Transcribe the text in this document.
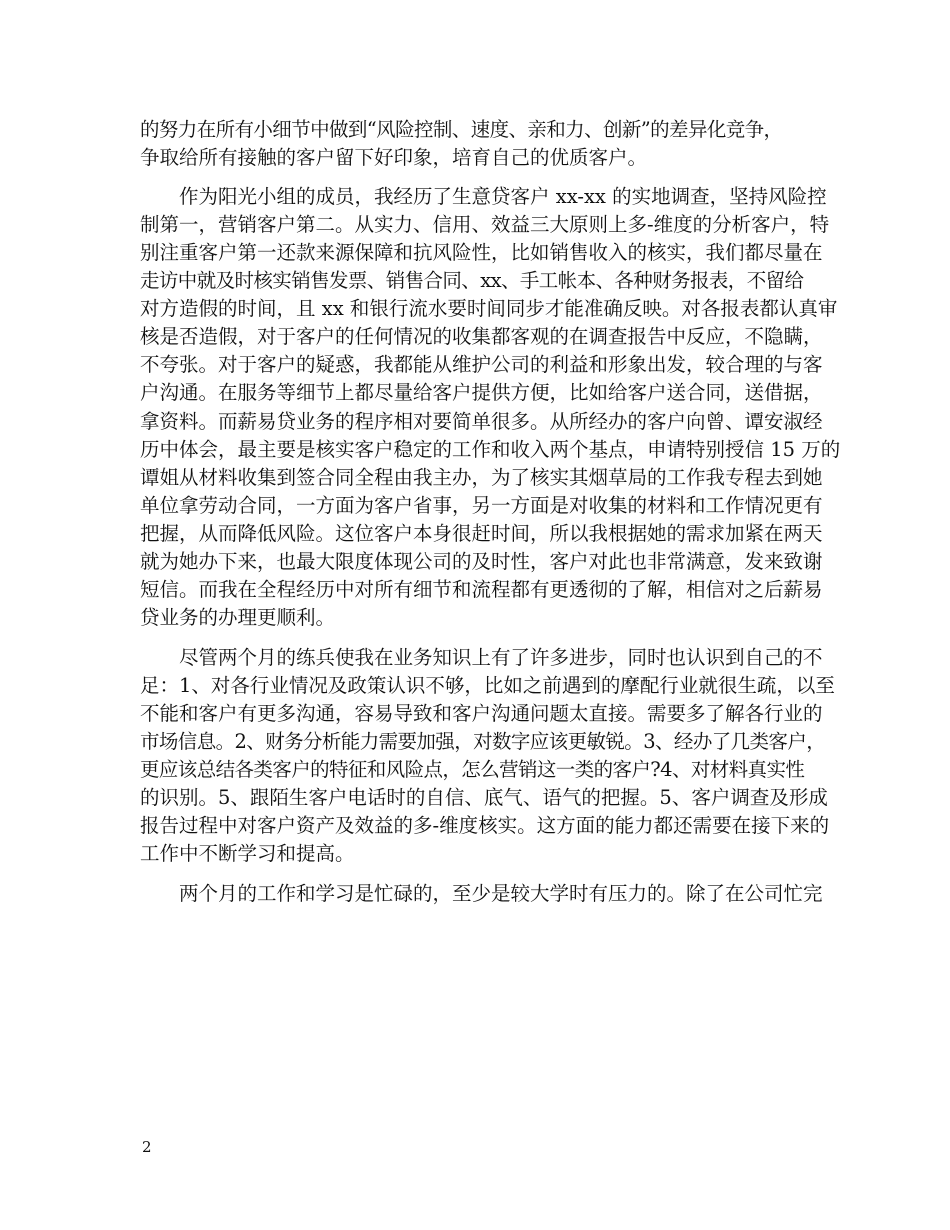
的努力在所有小细节中做到“风险控制、速度、亲和力、创新”的差异化竞争，
争取给所有接触的客户留下好印象，培育自己的优质客户。
作为阳光小组的成员，我经历了生意贷客户 xx-xx 的实地调查，坚持风险控
制第一，营销客户第二。从实力、信用、效益三大原则上多-维度的分析客户，特
别注重客户第一还款来源保障和抗风险性，比如销售收入的核实，我们都尽量在
走访中就及时核实销售发票、销售合同、xx、手工帐本、各种财务报表，不留给
对方造假的时间，且 xx 和银行流水要时间同步才能准确反映。对各报表都认真审
核是否造假，对于客户的任何情况的收集都客观的在调查报告中反应，不隐瞒，
不夸张。对于客户的疑惑，我都能从维护公司的利益和形象出发，较合理的与客
户沟通。在服务等细节上都尽量给客户提供方便，比如给客户送合同，送借据，
拿资料。而薪易贷业务的程序相对要简单很多。从所经办的客户向曾、谭安淑经
历中体会，最主要是核实客户稳定的工作和收入两个基点，申请特别授信 15 万的
谭姐从材料收集到签合同全程由我主办，为了核实其烟草局的工作我专程去到她
单位拿劳动合同，一方面为客户省事，另一方面是对收集的材料和工作情况更有
把握，从而降低风险。这位客户本身很赶时间，所以我根据她的需求加紧在两天
就为她办下来，也最大限度体现公司的及时性，客户对此也非常满意，发来致谢
短信。而我在全程经历中对所有细节和流程都有更透彻的了解，相信对之后薪易
贷业务的办理更顺利。
尽管两个月的练兵使我在业务知识上有了许多进步，同时也认识到自己的不
足：1、对各行业情况及政策认识不够，比如之前遇到的摩配行业就很生疏，以至
不能和客户有更多沟通，容易导致和客户沟通问题太直接。需要多了解各行业的
市场信息。2、财务分析能力需要加强，对数字应该更敏锐。3、经办了几类客户，
更应该总结各类客户的特征和风险点，怎么营销这一类的客户?4、对材料真实性
的识别。5、跟陌生客户电话时的自信、底气、语气的把握。5、客户调查及形成
报告过程中对客户资产及效益的多-维度核实。这方面的能力都还需要在接下来的
工作中不断学习和提高。
两个月的工作和学习是忙碌的，至少是较大学时有压力的。除了在公司忙完
2
